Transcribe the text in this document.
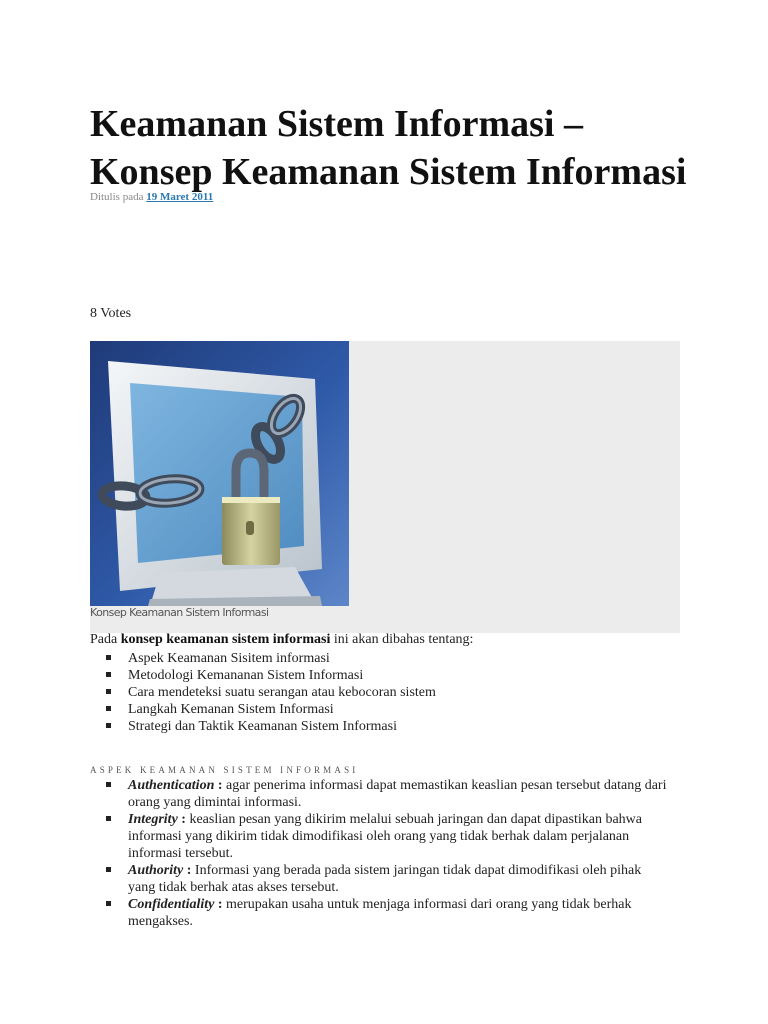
Keamanan Sistem Informasi – Konsep Keamanan Sistem Informasi
Ditulis pada 19 Maret 2011
8 Votes
Konsep Keamanan Sistem Informasi
Pada konsep keamanan sistem informasi ini akan dibahas tentang:
Aspek Keamanan Sisitem informasi
Metodologi Kemananan Sistem Informasi
Cara mendeteksi suatu serangan atau kebocoran sistem
Langkah Kemanan Sistem Informasi
Strategi dan Taktik Keamanan Sistem Informasi
ASPEK KEAMANAN SISTEM INFORMASI
Authentication : agar penerima informasi dapat memastikan keaslian pesan tersebut datang dari orang yang dimintai informasi.
Integrity : keaslian pesan yang dikirim melalui sebuah jaringan dan dapat dipastikan bahwa informasi yang dikirim tidak dimodifikasi oleh orang yang tidak berhak dalam perjalanan informasi tersebut.
Authority : Informasi yang berada pada sistem jaringan tidak dapat dimodifikasi oleh pihak yang tidak berhak atas akses tersebut.
Confidentiality : merupakan usaha untuk menjaga informasi dari orang yang tidak berhak mengakses.
